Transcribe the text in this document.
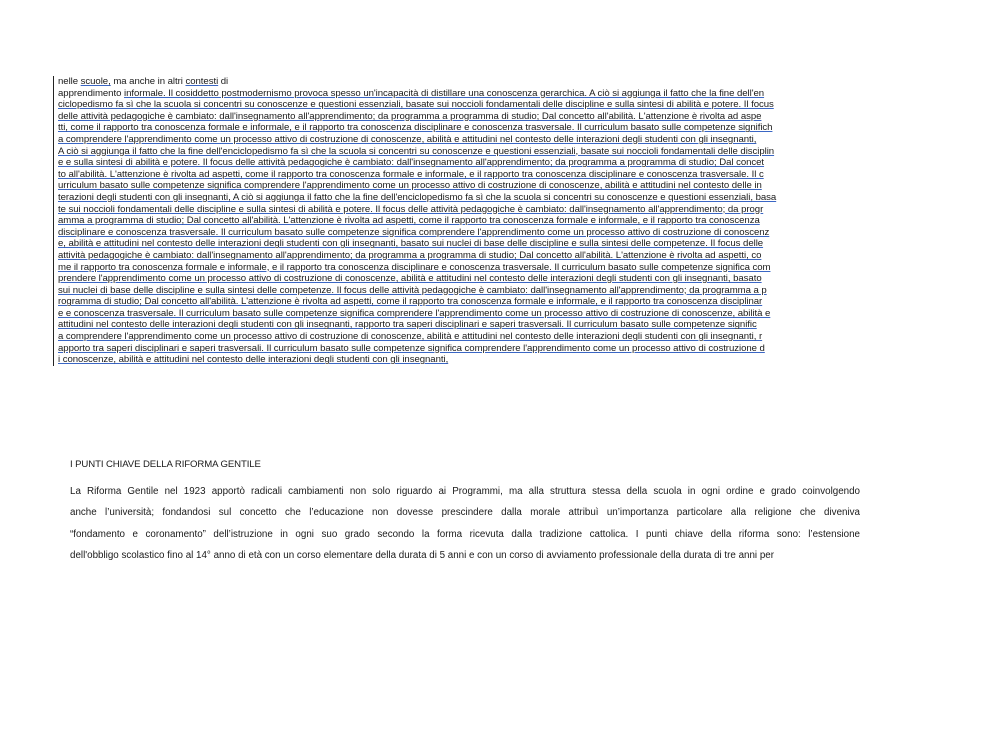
nelle scuole, ma anche in altri contesti di
apprendimento informale. Il cosiddetto postmodernismo provoca spesso un'incapacità di distillare una conoscenza gerarchica. A ciò si aggiunga il fatto che la fine dell'en
ciclopedismo fa sì che la scuola si concentri su conoscenze e questioni essenziali, basate sui noccioli fondamentali delle discipline e sulla sintesi di abilità e potere. Il focus
delle attività pedagogiche è cambiato: dall'insegnamento all'apprendimento; da programma a programma di studio; Dal concetto all'abilità. L'attenzione è rivolta ad aspe
tti, come il rapporto tra conoscenza formale e informale, e il rapporto tra conoscenza disciplinare e conoscenza trasversale. Il curriculum basato sulle competenze significh
a comprendere l'apprendimento come un processo attivo di costruzione di conoscenze, abilità e attitudini nel contesto delle interazioni degli studenti con gli insegnanti,
A ciò si aggiunga il fatto che la fine dell'enciclopedismo fa sì che la scuola si concentri su conoscenze e questioni essenziali, basate sui noccioli fondamentali delle disciplin
e e sulla sintesi di abilità e potere. Il focus delle attività pedagogiche è cambiato: dall'insegnamento all'apprendimento; da programma a programma di studio; Dal concet
to all'abilità. L'attenzione è rivolta ad aspetti, come il rapporto tra conoscenza formale e informale, e il rapporto tra conoscenza disciplinare e conoscenza trasversale. Il c
urriculum basato sulle competenze significa comprendere l'apprendimento come un processo attivo di costruzione di conoscenze, abilità e attitudini nel contesto delle in
terazioni degli studenti con gli insegnanti, A ciò si aggiunga il fatto che la fine dell'enciclopedismo fa sì che la scuola si concentri su conoscenze e questioni essenziali, basa
te sui noccioli fondamentali delle discipline e sulla sintesi di abilità e potere. Il focus delle attività pedagogiche è cambiato: dall'insegnamento all'apprendimento; da progr
amma a programma di studio; Dal concetto all'abilità. L'attenzione è rivolta ad aspetti, come il rapporto tra conoscenza formale e informale, e il rapporto tra conoscenza
disciplinare e conoscenza trasversale. Il curriculum basato sulle competenze significa comprendere l'apprendimento come un processo attivo di costruzione di conoscenz
e, abilità e attitudini nel contesto delle interazioni degli studenti con gli insegnanti, basato sui nuclei di base delle discipline e sulla sintesi delle competenze. Il focus delle
attività pedagogiche è cambiato: dall'insegnamento all'apprendimento; da programma a programma di studio; Dal concetto all'abilità. L'attenzione è rivolta ad aspetti, co
me il rapporto tra conoscenza formale e informale, e il rapporto tra conoscenza disciplinare e conoscenza trasversale. Il curriculum basato sulle competenze significa com
prendere l'apprendimento come un processo attivo di costruzione di conoscenze, abilità e attitudini nel contesto delle interazioni degli studenti con gli insegnanti, basato
sui nuclei di base delle discipline e sulla sintesi delle competenze. Il focus delle attività pedagogiche è cambiato: dall'insegnamento all'apprendimento; da programma a p
rogramma di studio; Dal concetto all'abilità. L'attenzione è rivolta ad aspetti, come il rapporto tra conoscenza formale e informale, e il rapporto tra conoscenza disciplinar
e e conoscenza trasversale. Il curriculum basato sulle competenze significa comprendere l'apprendimento come un processo attivo di costruzione di conoscenze, abilità e
attitudini nel contesto delle interazioni degli studenti con gli insegnanti, rapporto tra saperi disciplinari e saperi trasversali. Il curriculum basato sulle competenze signific
a comprendere l'apprendimento come un processo attivo di costruzione di conoscenze, abilità e attitudini nel contesto delle interazioni degli studenti con gli insegnanti, r
apporto tra saperi disciplinari e saperi trasversali. Il curriculum basato sulle competenze significa comprendere l'apprendimento come un processo attivo di costruzione d
i conoscenze, abilità e attitudini nel contesto delle interazioni degli studenti con gli insegnanti,
I PUNTI CHIAVE DELLA RIFORMA GENTILE
La Riforma Gentile nel 1923 apportò radicali cambiamenti non solo riguardo ai Programmi, ma alla struttura stessa della scuola in ogni ordine e grado coinvolgendo
anche l’università; fondandosi sul concetto che l’educazione non dovesse prescindere dalla morale attribuì un’importanza particolare alla religione che diveniva
“fondamento e coronamento” dell’istruzione in ogni suo grado secondo la forma ricevuta dalla tradizione cattolica. I punti chiave della riforma sono: l’estensione
dell'obbligo scolastico fino al 14° anno di età con un corso elementare della durata di 5 anni e con un corso di avviamento professionale della durata di tre anni per
